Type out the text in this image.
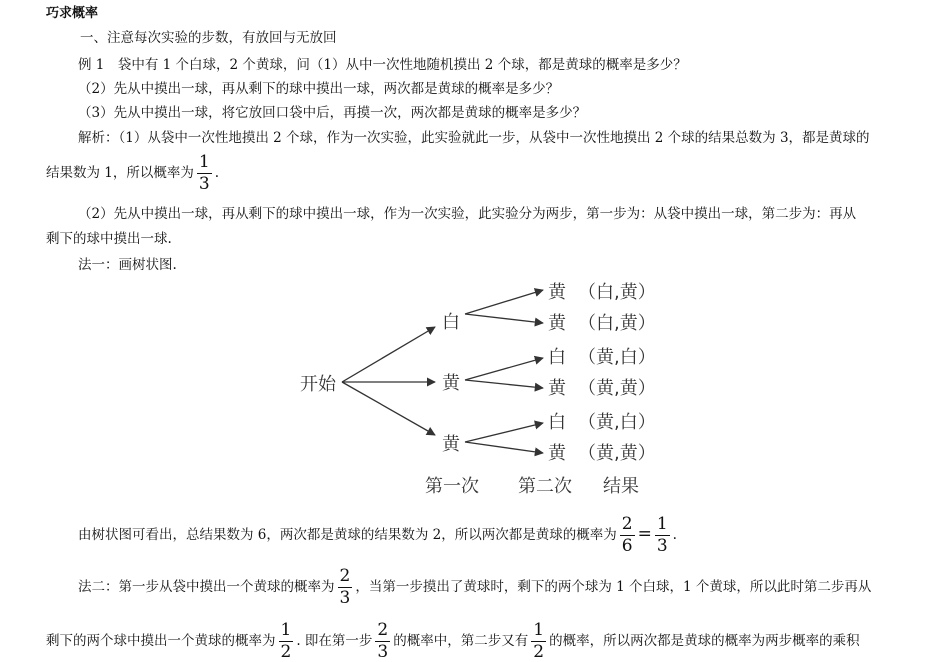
巧求概率
一、注意每次实验的步数，有放回与无放回
例 1　袋中有 1 个白球，2 个黄球，问（1）从中一次性地随机摸出 2 个球，都是黄球的概率是多少？
（2）先从中摸出一球，再从剩下的球中摸出一球，两次都是黄球的概率是多少？
（3）先从中摸出一球，将它放回口袋中后，再摸一次，两次都是黄球的概率是多少？
解析：（1）从袋中一次性地摸出 2 个球，作为一次实验，此实验就此一步，从袋中一次性地摸出 2 个球的结果总数为 3，都是黄球的
结果数为 1，所以概率为 $\frac{1}{3}$ .
（2）先从中摸出一球，再从剩下的球中摸出一球，作为一次实验，此实验分为两步，第一步为：从袋中摸出一球，第二步为：再从
剩下的球中摸出一球.
法一：画树状图.
开始
白
黄
黄
黄
黄
白
黄
白
黄
（白,黄）
（白,黄）
（黄,白）
（黄,黄）
（黄,白）
（黄,黄）
第一次 第二次 结果
由树状图可看出，总结果数为 6，两次都是黄球的结果数为 2，所以两次都是黄球的概率为 $\frac{2}{6} = \frac{1}{3}$ .
法二：第一步从袋中摸出一个黄球的概率为 $\frac{2}{3}$ ，当第一步摸出了黄球时，剩下的两个球为 1 个白球，1 个黄球，所以此时第二步再从
剩下的两个球中摸出一个黄球的概率为 $\frac{1}{2}$ . 即在第一步 $\frac{2}{3}$ 的概率中，第二步又有 $\frac{1}{2}$ 的概率，所以两次都是黄球的概率为两步概率的乘积
